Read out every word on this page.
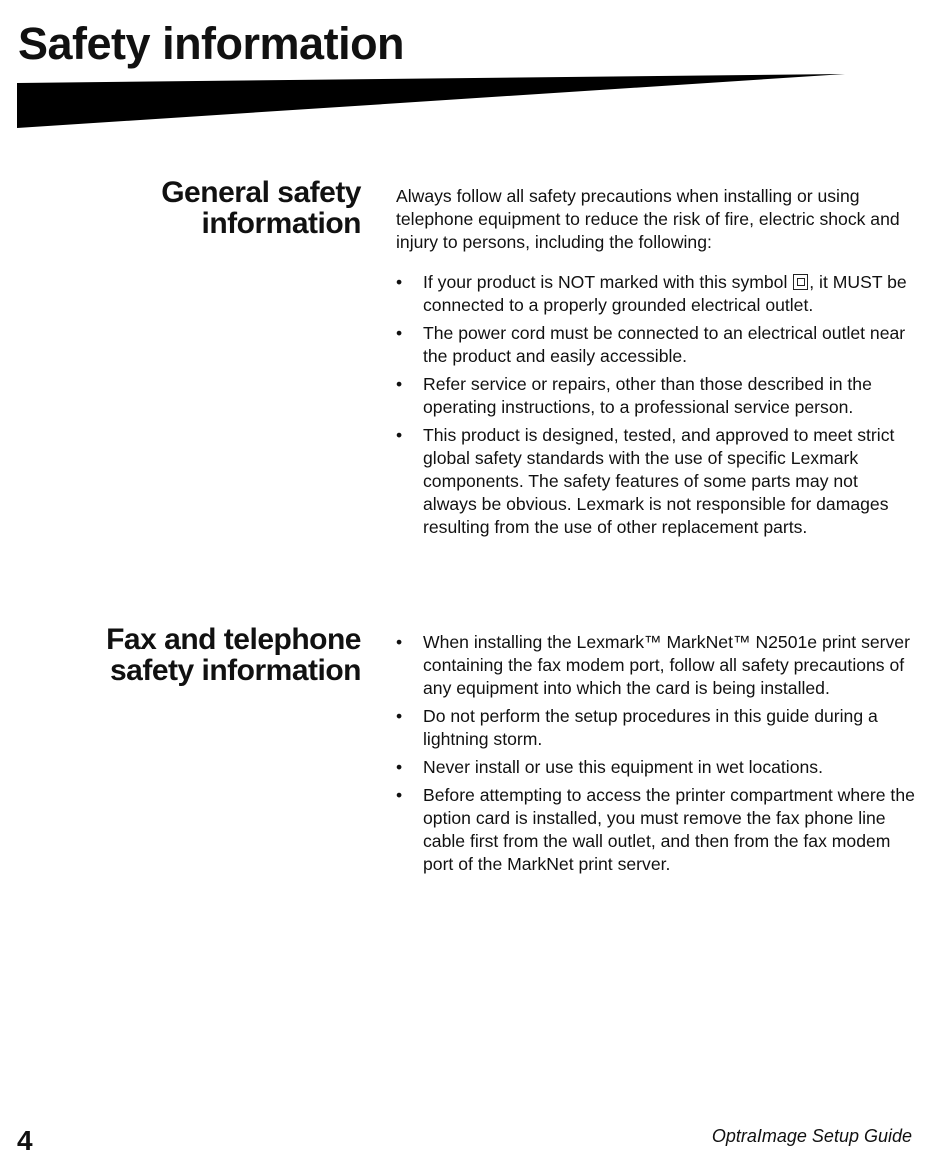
Safety information
General safety
information

Always follow all safety precautions when installing or using telephone equipment to reduce the risk of fire, electric shock and injury to persons, including the following:

• If your product is NOT marked with this symbol , it MUST be connected to a properly grounded electrical outlet.
• The power cord must be connected to an electrical outlet near the product and easily accessible.
• Refer service or repairs, other than those described in the operating instructions, to a professional service person.
• This product is designed, tested, and approved to meet strict global safety standards with the use of specific Lexmark components. The safety features of some parts may not always be obvious. Lexmark is not responsible for damages resulting from the use of other replacement parts.
Fax and telephone
safety information
• When installing the Lexmark™ MarkNet™ N2501e print server containing the fax modem port, follow all safety precautions of any equipment into which the card is being installed.
• Do not perform the setup procedures in this guide during a lightning storm.
• Never install or use this equipment in wet locations.
• Before attempting to access the printer compartment where the option card is installed, you must remove the fax phone line cable first from the wall outlet, and then from the fax modem port of the MarkNet print server.
4	OptraImage Setup Guide
